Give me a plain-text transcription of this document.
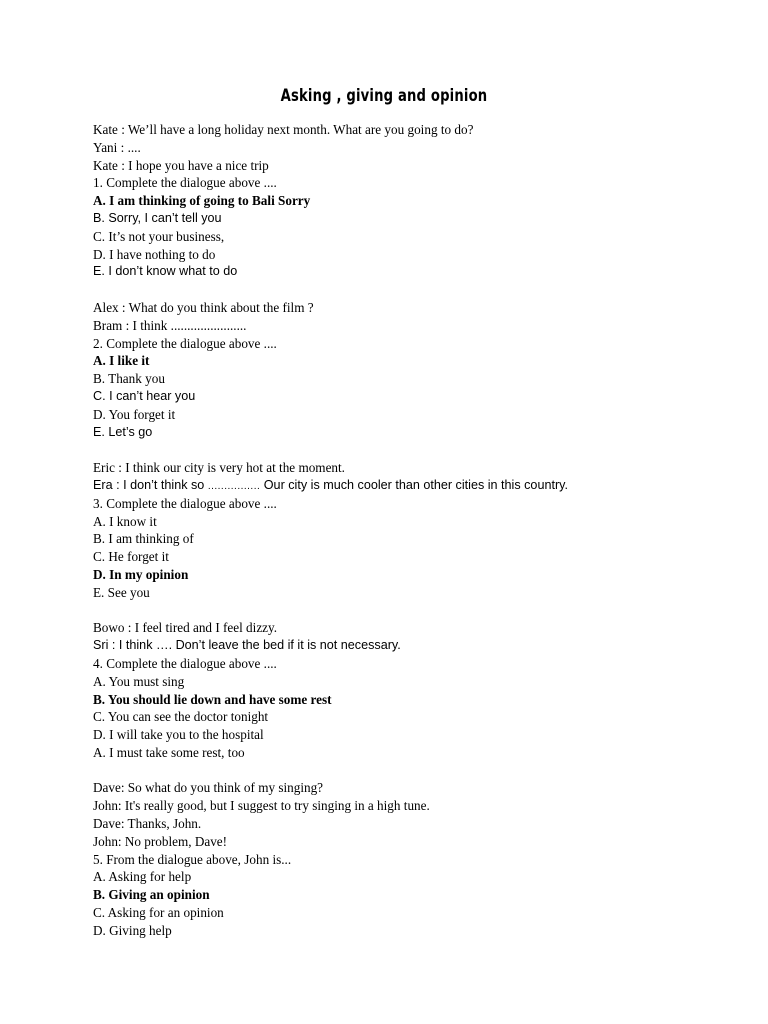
Asking , giving and opinion
Kate : We’ll have a long holiday next month. What are you going to do?
Yani : ....
Kate : I hope you have a nice trip
1. Complete the dialogue above ....
A. I am thinking of going to Bali Sorry
B. Sorry, I can’t tell you
C. It’s not your business,
D. I have nothing to do
E. I don’t know what to do
Alex : What do you think about the film ?
Bram : I think .......................
2. Complete the dialogue above ....
A. I like it
B. Thank you
C. I can’t hear you
D. You forget it
E. Let’s go
Eric : I think our city is very hot at the moment.
Era : I don’t think so ................ Our city is much cooler than other cities in this country.
3. Complete the dialogue above ....
A. I know it
B. I am thinking of
C. He forget it
D. In my opinion
E. See you
Bowo : I feel tired and I feel dizzy.
Sri : I think …. Don’t leave the bed if it is not necessary.
4. Complete the dialogue above ....
A. You must sing
B. You should lie down and have some rest
C. You can see the doctor tonight
D. I will take you to the hospital
A. I must take some rest, too
Dave: So what do you think of my singing?
John: It's really good, but I suggest to try singing in a high tune.
Dave: Thanks, John.
John: No problem, Dave!
5. From the dialogue above, John is...
A. Asking for help
B. Giving an opinion
C. Asking for an opinion
D. Giving help
